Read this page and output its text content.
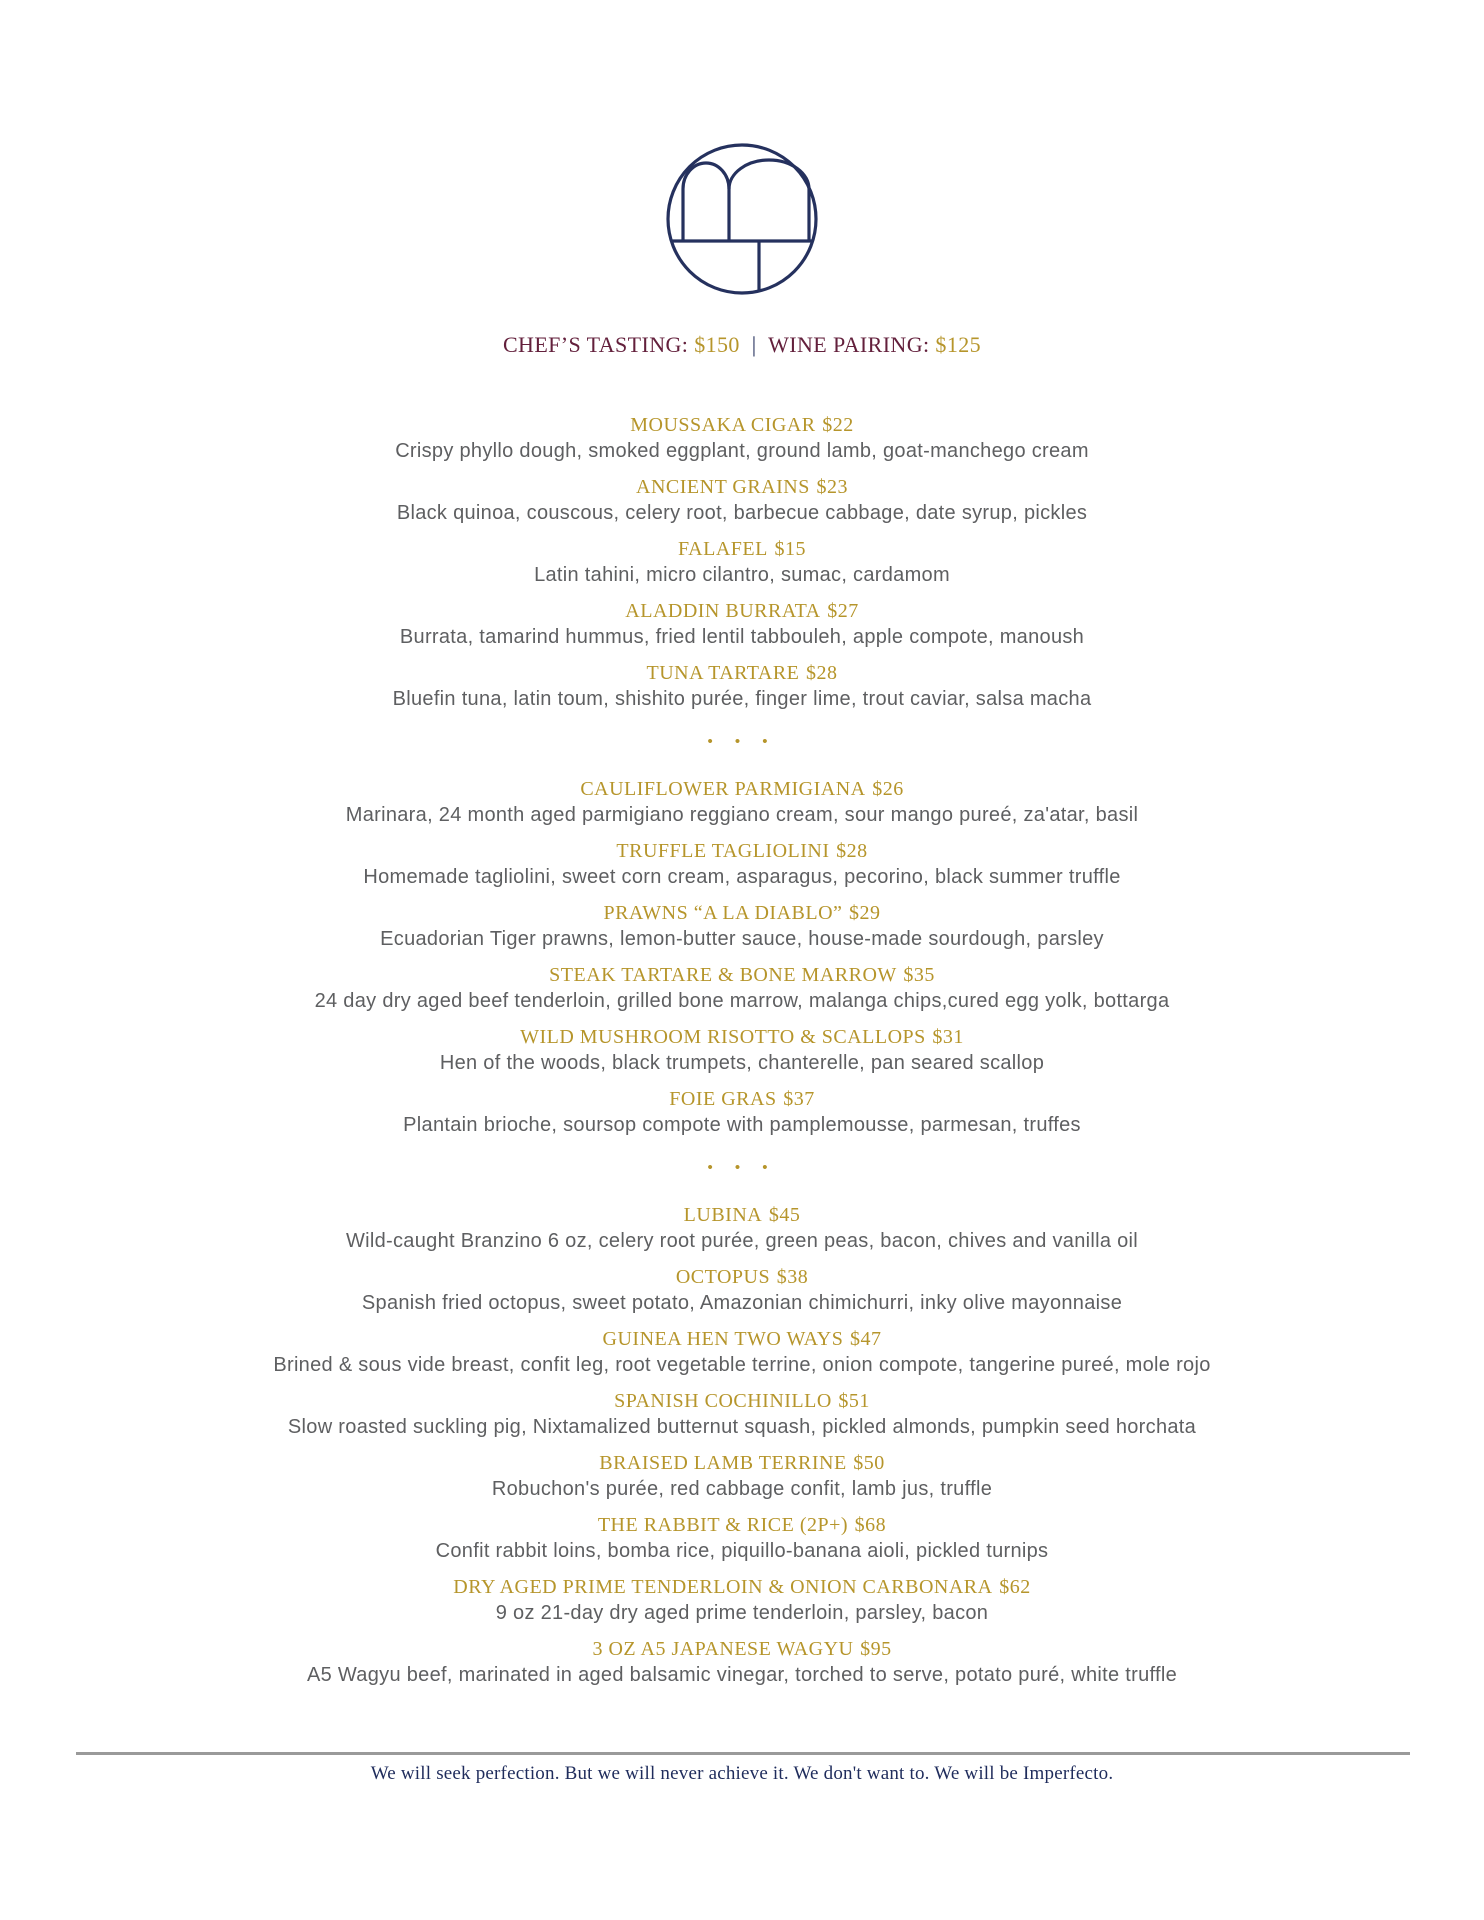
CHEF’S TASTING: $150 | WINE PAIRING: $125
MOUSSAKA CIGAR $22
Crispy phyllo dough, smoked eggplant, ground lamb, goat-manchego cream
ANCIENT GRAINS $23
Black quinoa, couscous, celery root, barbecue cabbage, date syrup, pickles
FALAFEL $15
Latin tahini, micro cilantro, sumac, cardamom
ALADDIN BURRATA $27
Burrata, tamarind hummus, fried lentil tabbouleh, apple compote, manoush
TUNA TARTARE $28
Bluefin tuna, latin toum, shishito purée, finger lime, trout caviar, salsa macha
• • •
CAULIFLOWER PARMIGIANA $26
Marinara, 24 month aged parmigiano reggiano cream, sour mango pureé, za'atar, basil
TRUFFLE TAGLIOLINI $28
Homemade tagliolini, sweet corn cream, asparagus, pecorino, black summer truffle
PRAWNS “A LA DIABLO” $29
Ecuadorian Tiger prawns, lemon-butter sauce, house-made sourdough, parsley
STEAK TARTARE & BONE MARROW $35
24 day dry aged beef tenderloin, grilled bone marrow, malanga chips,cured egg yolk, bottarga
WILD MUSHROOM RISOTTO & SCALLOPS $31
Hen of the woods, black trumpets, chanterelle, pan seared scallop
FOIE GRAS $37
Plantain brioche, soursop compote with pamplemousse, parmesan, truffes
• • •
LUBINA $45
Wild-caught Branzino 6 oz, celery root purée, green peas, bacon, chives and vanilla oil
OCTOPUS $38
Spanish fried octopus, sweet potato, Amazonian chimichurri, inky olive mayonnaise
GUINEA HEN TWO WAYS $47
Brined & sous vide breast, confit leg, root vegetable terrine, onion compote, tangerine pureé, mole rojo
SPANISH COCHINILLO $51
Slow roasted suckling pig, Nixtamalized butternut squash, pickled almonds, pumpkin seed horchata
BRAISED LAMB TERRINE $50
Robuchon's purée, red cabbage confit, lamb jus, truffle
THE RABBIT & RICE (2P+) $68
Confit rabbit loins, bomba rice, piquillo-banana aioli, pickled turnips
DRY AGED PRIME TENDERLOIN & ONION CARBONARA $62
9 oz 21-day dry aged prime tenderloin, parsley, bacon
3 OZ A5 JAPANESE WAGYU $95
A5 Wagyu beef, marinated in aged balsamic vinegar, torched to serve, potato puré, white truffle
We will seek perfection. But we will never achieve it. We don't want to. We will be Imperfecto.
